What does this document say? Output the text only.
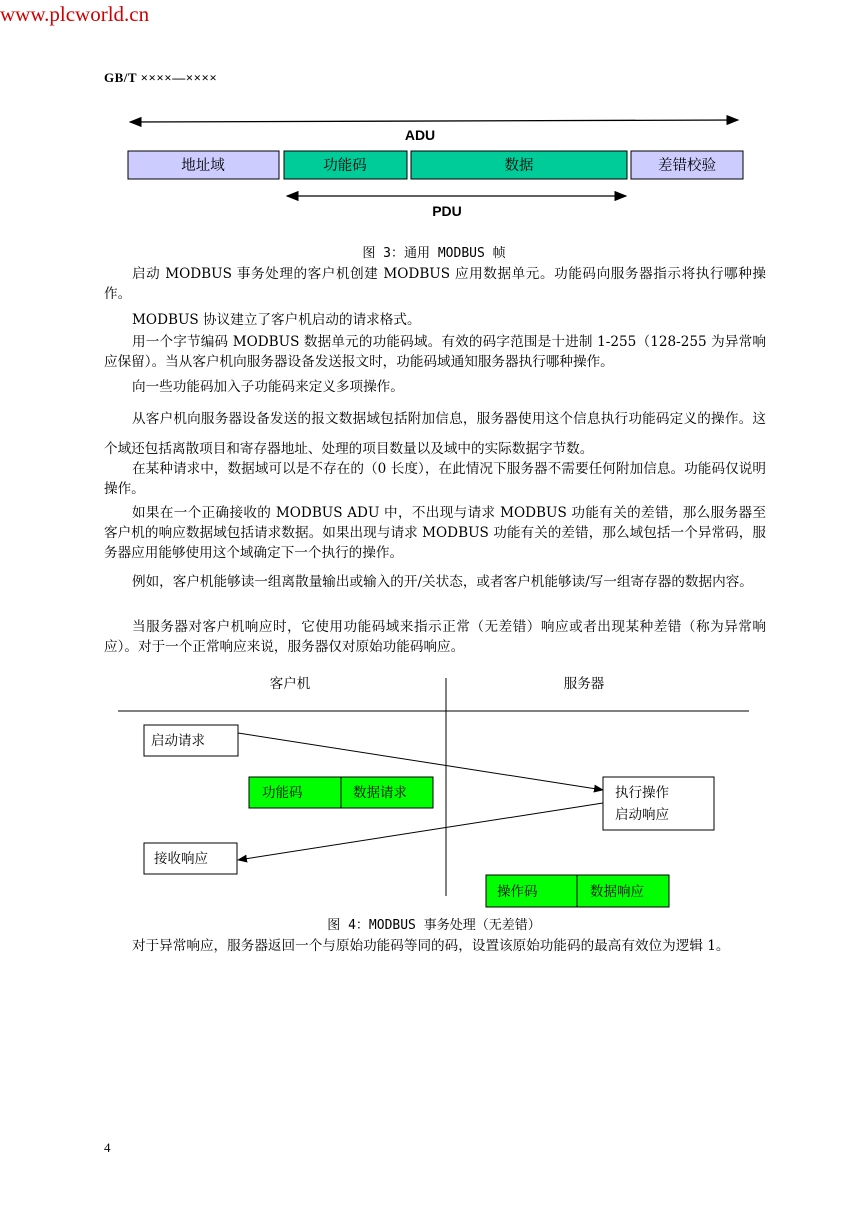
www.plcworld.cn
GB/T ××××—××××
ADU
地址域	功能码	数据	差错校验
PDU
图 3：通用 MODBUS 帧

启动 MODBUS 事务处理的客户机创建 MODBUS 应用数据单元。功能码向服务器指示将执行哪种操作。

MODBUS 协议建立了客户机启动的请求格式。

用一个字节编码 MODBUS 数据单元的功能码域。有效的码字范围是十进制 1-255（128-255 为异常响应保留）。当从客户机向服务器设备发送报文时，功能码域通知服务器执行哪种操作。

向一些功能码加入子功能码来定义多项操作。

从客户机向服务器设备发送的报文数据域包括附加信息，服务器使用这个信息执行功能码定义的操作。这个域还包括离散项目和寄存器地址、处理的项目数量以及域中的实际数据字节数。

在某种请求中，数据域可以是不存在的（0 长度），在此情况下服务器不需要任何附加信息。功能码仅说明操作。

如果在一个正确接收的 MODBUS ADU 中，不出现与请求 MODBUS 功能有关的差错，那么服务器至客户机的响应数据域包括请求数据。如果出现与请求 MODBUS 功能有关的差错，那么域包括一个异常码，服务器应用能够使用这个域确定下一个执行的操作。

例如，客户机能够读一组离散量输出或输入的开/关状态，或者客户机能够读/写一组寄存器的数据内容。

当服务器对客户机响应时，它使用功能码域来指示正常（无差错）响应或者出现某种差错（称为异常响应）。对于一个正常响应来说，服务器仅对原始功能码响应。

客户机	服务器
启动请求
功能码	数据请求	执行操作
启动响应
接收响应
操作码	数据响应
图 4：MODBUS 事务处理（无差错）

对于异常响应，服务器返回一个与原始功能码等同的码，设置该原始功能码的最高有效位为逻辑 1。

4
